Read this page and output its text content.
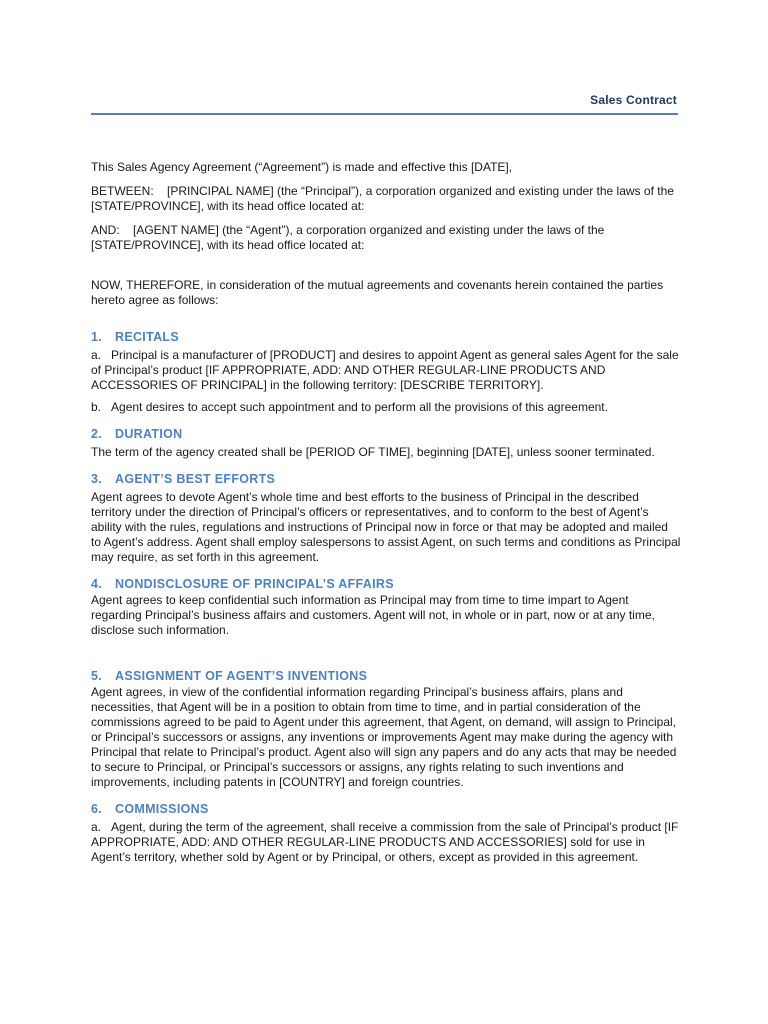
Sales Contract

This Sales Agency Agreement (“Agreement”) is made and effective this [DATE],

BETWEEN:    [PRINCIPAL NAME] (the “Principal”), a corporation organized and existing under the laws of the [STATE/PROVINCE], with its head office located at:

AND:    [AGENT NAME] (the “Agent”), a corporation organized and existing under the laws of the [STATE/PROVINCE], with its head office located at:

NOW, THEREFORE, in consideration of the mutual agreements and covenants herein contained the parties hereto agree as follows:

1.	RECITALS

a.   Principal is a manufacturer of [PRODUCT] and desires to appoint Agent as general sales Agent for the sale of Principal’s product [IF APPROPRIATE, ADD: AND OTHER REGULAR-LINE PRODUCTS AND ACCESSORIES OF PRINCIPAL] in the following territory: [DESCRIBE TERRITORY].

b.   Agent desires to accept such appointment and to perform all the provisions of this agreement.

2.	DURATION

The term of the agency created shall be [PERIOD OF TIME], beginning [DATE], unless sooner terminated.

3.	AGENT’S BEST EFFORTS

Agent agrees to devote Agent’s whole time and best efforts to the business of Principal in the described territory under the direction of Principal’s officers or representatives, and to conform to the best of Agent’s ability with the rules, regulations and instructions of Principal now in force or that may be adopted and mailed to Agent’s address. Agent shall employ salespersons to assist Agent, on such terms and conditions as Principal may require, as set forth in this agreement.

4.	NONDISCLOSURE OF PRINCIPAL’S AFFAIRS

Agent agrees to keep confidential such information as Principal may from time to time impart to Agent regarding Principal’s business affairs and customers. Agent will not, in whole or in part, now or at any time, disclose such information.

5.	ASSIGNMENT OF AGENT’S INVENTIONS

Agent agrees, in view of the confidential information regarding Principal’s business affairs, plans and necessities, that Agent will be in a position to obtain from time to time, and in partial consideration of the commissions agreed to be paid to Agent under this agreement, that Agent, on demand, will assign to Principal, or Principal’s successors or assigns, any inventions or improvements Agent may make during the agency with Principal that relate to Principal’s product. Agent also will sign any papers and do any acts that may be needed to secure to Principal, or Principal’s successors or assigns, any rights relating to such inventions and improvements, including patents in [COUNTRY] and foreign countries.

6.	COMMISSIONS

a.   Agent, during the term of the agreement, shall receive a commission from the sale of Principal’s product [IF APPROPRIATE, ADD: AND OTHER REGULAR-LINE PRODUCTS AND ACCESSORIES] sold for use in Agent’s territory, whether sold by Agent or by Principal, or others, except as provided in this agreement.
